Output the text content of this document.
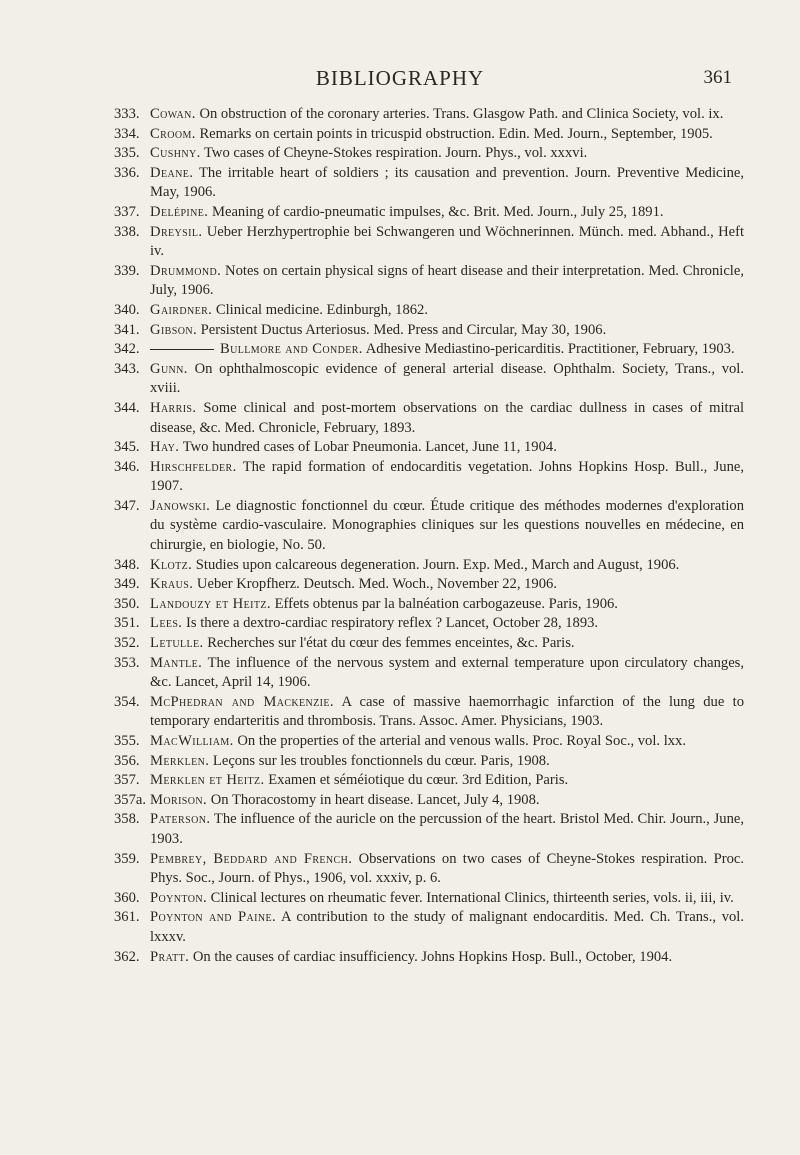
BIBLIOGRAPHY	361
333. Cowan. On obstruction of the coronary arteries. Trans. Glasgow Path. and Clinica Society, vol. ix.
334. Croom. Remarks on certain points in tricuspid obstruction. Edin. Med. Journ., September, 1905.
335. Cushny. Two cases of Cheyne-Stokes respiration. Journ. Phys., vol. xxxvi.
336. Deane. The irritable heart of soldiers ; its causation and prevention. Journ. Preventive Medicine, May, 1906.
337. Delépine. Meaning of cardio-pneumatic impulses, &c. Brit. Med. Journ., July 25, 1891.
338. Dreysil. Ueber Herzhypertrophie bei Schwangeren und Wöchnerinnen. Münch. med. Abhand., Heft iv.
339. Drummond. Notes on certain physical signs of heart disease and their interpretation. Med. Chronicle, July, 1906.
340. Gairdner. Clinical medicine. Edinburgh, 1862.
341. Gibson. Persistent Ductus Arteriosus. Med. Press and Circular, May 30, 1906.
342.	Bullmore and Conder. Adhesive Mediastino-pericarditis. Practitioner, February, 1903.
343. Gunn. On ophthalmoscopic evidence of general arterial disease. Ophthalm. Society, Trans., vol. xviii.
344. Harris. Some clinical and post-mortem observations on the cardiac dullness in cases of mitral disease, &c. Med. Chronicle, February, 1893.
345. Hay. Two hundred cases of Lobar Pneumonia. Lancet, June 11, 1904.
346. Hirschfelder. The rapid formation of endocarditis vegetation. Johns Hopkins Hosp. Bull., June, 1907.
347. Janowski. Le diagnostic fonctionnel du cœur. Étude critique des méthodes modernes d'exploration du système cardio-vasculaire. Monographies cliniques sur les questions nouvelles en médecine, en chirurgie, en biologie, No. 50.
348. Klotz. Studies upon calcareous degeneration. Journ. Exp. Med., March and August, 1906.
349. Kraus. Ueber Kropfherz. Deutsch. Med. Woch., November 22, 1906.
350. Landouzy et Heitz. Effets obtenus par la balnéation carbogazeuse. Paris, 1906.
351. Lees. Is there a dextro-cardiac respiratory reflex ? Lancet, October 28, 1893.
352. Letulle. Recherches sur l'état du cœur des femmes enceintes, &c. Paris.
353. Mantle. The influence of the nervous system and external temperature upon circulatory changes, &c. Lancet, April 14, 1906.
354. McPhedran and Mackenzie. A case of massive haemorrhagic infarction of the lung due to temporary endarteritis and thrombosis. Trans. Assoc. Amer. Physicians, 1903.
355. MacWilliam. On the properties of the arterial and venous walls. Proc. Royal Soc., vol. lxx.
356. Merklen. Leçons sur les troubles fonctionnels du cœur. Paris, 1908.
357. Merklen et Heitz. Examen et séméiotique du cœur. 3rd Edition, Paris.
357a. Morison. On Thoracostomy in heart disease. Lancet, July 4, 1908.
358. Paterson. The influence of the auricle on the percussion of the heart. Bristol Med. Chir. Journ., June, 1903.
359. Pembrey, Beddard and French. Observations on two cases of Cheyne-Stokes respiration. Proc. Phys. Soc., Journ. of Phys., 1906, vol. xxxiv, p. 6.
360. Poynton. Clinical lectures on rheumatic fever. International Clinics, thirteenth series, vols. ii, iii, iv.
361. Poynton and Paine. A contribution to the study of malignant endocarditis. Med. Ch. Trans., vol. lxxxv.
362. Pratt. On the causes of cardiac insufficiency. Johns Hopkins Hosp. Bull., October, 1904.
